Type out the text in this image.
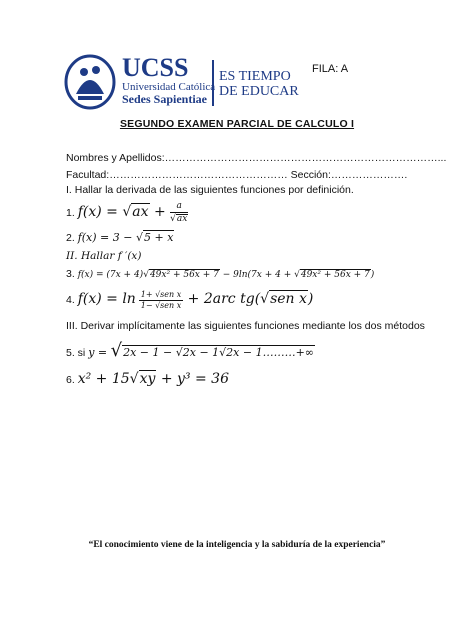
UCSS
Universidad Católica
Sedes Sapientiae
ES TIEMPO
DE EDUCAR
FILA: A
SEGUNDO EXAMEN PARCIAL DE CALCULO I
Nombres y Apellidos:……………………………………………………………………...
Facultad:…………………………………………… Sección:………………….
I. Hallar la derivada de las siguientes funciones por definición.
1. $f(x) = √ax + \frac{a}{√ax}$
2. f(x) = 3 − √5 + x
II. Hallar f ′(x)
3. f(x) = (7x + 4)√49x² + 56x + 7 − 9ln(7x + 4 + √49x² + 56x + 7)
4. $f(x) = \ln \frac{\text{1+ √sen x}}{\text{1− √sen x}} + 2arc$ tg(√sen x)
III. Derivar implícitamente las siguientes funciones mediante los dos métodos
5. si y = √2x − 1 − √2x − 1√2x − 1………+∞
6. x² + 15√xy + y³ = 36
“El conocimiento viene de la inteligencia y la sabiduría de la experiencia”
